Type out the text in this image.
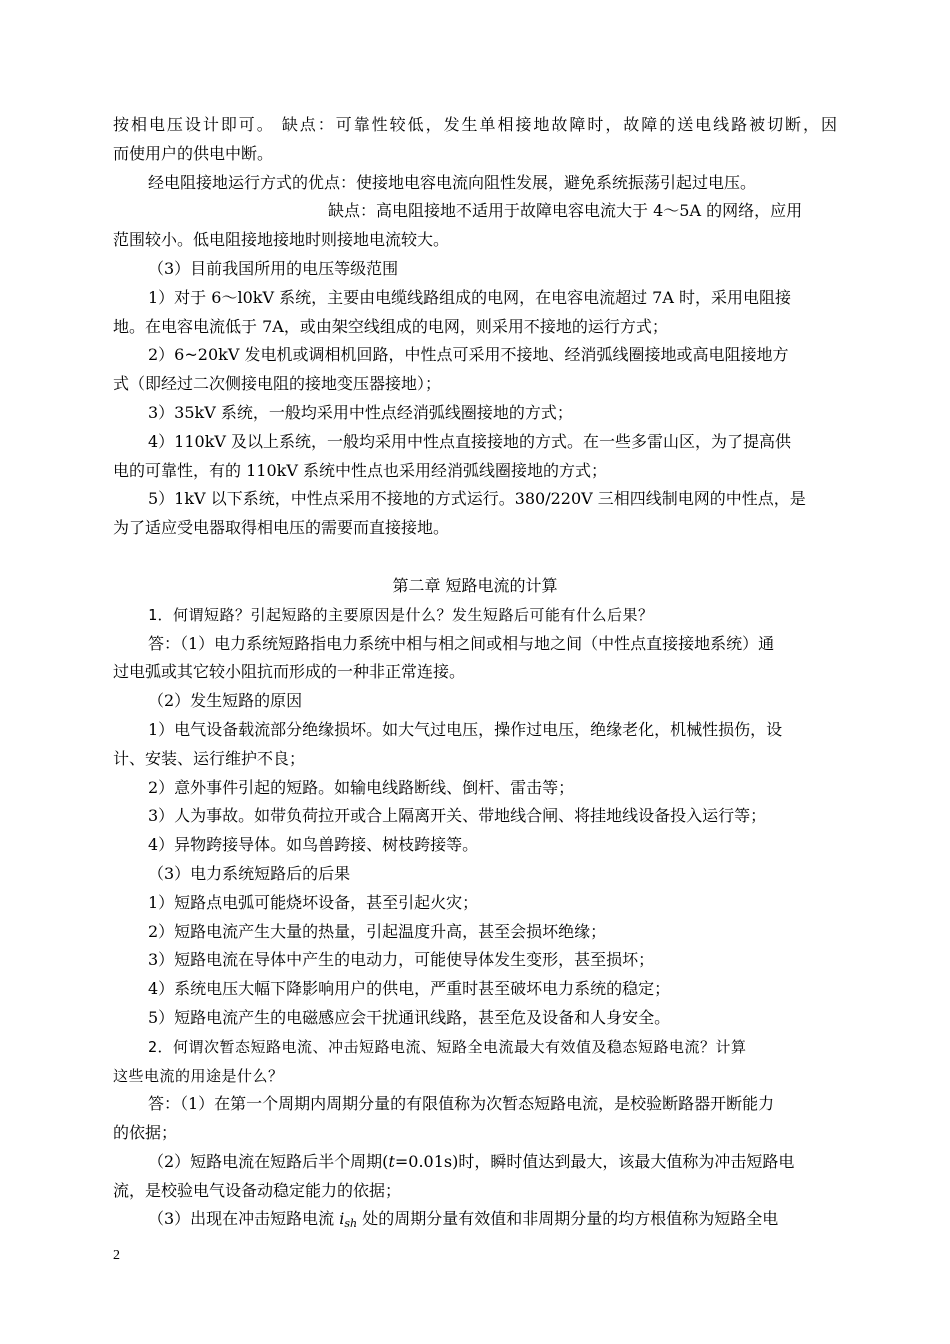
按相电压设计即可。 缺点：可靠性较低，发生单相接地故障时，故障的送电线路被切断，因
而使用户的供电中断。
经电阻接地运行方式的优点：使接地电容电流向阻性发展，避免系统振荡引起过电压。
缺点：高电阻接地不适用于故障电容电流大于 4～5A 的网络，应用
范围较小。低电阻接地接地时则接地电流较大。
（3）目前我国所用的电压等级范围
1）对于 6～l0kV 系统，主要由电缆线路组成的电网，在电容电流超过 7A 时，采用电阻接
地。在电容电流低于 7A，或由架空线组成的电网，则采用不接地的运行方式；
2）6~20kV 发电机或调相机回路，中性点可采用不接地、经消弧线圈接地或高电阻接地方
式（即经过二次侧接电阻的接地变压器接地）；
3）35kV 系统，一般均采用中性点经消弧线圈接地的方式；
4）110kV 及以上系统，一般均采用中性点直接接地的方式。在一些多雷山区，为了提高供
电的可靠性，有的 110kV 系统中性点也采用经消弧线圈接地的方式；
5）1kV 以下系统，中性点采用不接地的方式运行。380/220V 三相四线制电网的中性点，是
为了适应受电器取得相电压的需要而直接接地。
第二章 短路电流的计算
1．何谓短路？引起短路的主要原因是什么？发生短路后可能有什么后果？
答：（1）电力系统短路指电力系统中相与相之间或相与地之间（中性点直接接地系统）通
过电弧或其它较小阻抗而形成的一种非正常连接。
（2）发生短路的原因
1）电气设备载流部分绝缘损坏。如大气过电压，操作过电压，绝缘老化，机械性损伤，设
计、安装、运行维护不良；
2）意外事件引起的短路。如输电线路断线、倒杆、雷击等；
3）人为事故。如带负荷拉开或合上隔离开关、带地线合闸、将挂地线设备投入运行等；
4）异物跨接导体。如鸟兽跨接、树枝跨接等。
（3）电力系统短路后的后果
1）短路点电弧可能烧坏设备，甚至引起火灾；
2）短路电流产生大量的热量，引起温度升高，甚至会损坏绝缘；
3）短路电流在导体中产生的电动力，可能使导体发生变形，甚至损坏；
4）系统电压大幅下降影响用户的供电，严重时甚至破坏电力系统的稳定；
5）短路电流产生的电磁感应会干扰通讯线路，甚至危及设备和人身安全。
2．何谓次暂态短路电流、冲击短路电流、短路全电流最大有效值及稳态短路电流？计算
这些电流的用途是什么？
答：（1）在第一个周期内周期分量的有限值称为次暂态短路电流，是校验断路器开断能力
的依据；
（2）短路电流在短路后半个周期(t=0.01s)时，瞬时值达到最大，该最大值称为冲击短路电
流，是校验电气设备动稳定能力的依据；
（3）出现在冲击短路电流 $i_{sh}$ 处的周期分量有效值和非周期分量的均方根值称为短路全电
2
